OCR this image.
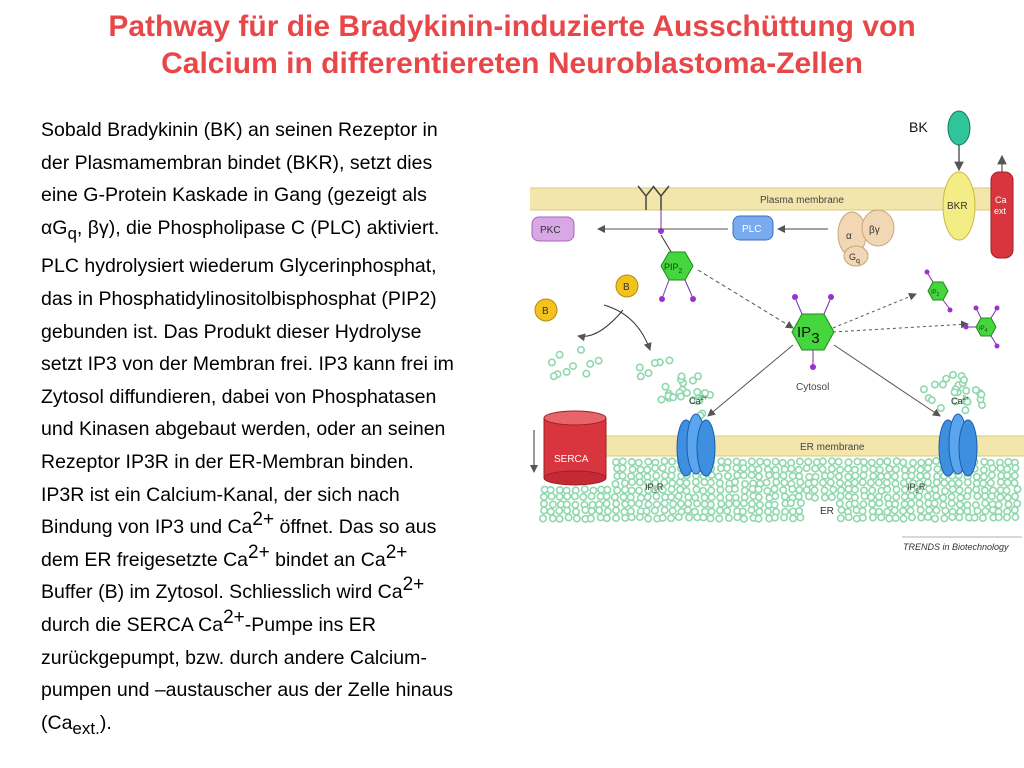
Pathway für die Bradykinin-induzierte Ausschüttung von
Calcium in differentiereten Neuroblastoma-Zellen

Sobald Bradykinin (BK) an seinen Rezeptor in

der Plasmamembran bindet (BKR), setzt dies

eine G-Protein Kaskade in Gang (gezeigt als

αGq, βγ), die Phospholipase C (PLC) aktiviert.

PLC hydrolysiert wiederum Glycerinphosphat,

das in Phosphatidylinositolbisphosphat (PIP2)

gebunden ist. Das Produkt dieser Hydrolyse

setzt IP3 von der Membran frei. IP3 kann frei im

Zytosol diffundieren, dabei von Phosphatasen

und Kinasen abgebaut werden, oder an seinen

Rezeptor IP3R in der ER-Membran binden.

IP3R ist ein Calcium-Kanal, der sich nach

Bindung von IP3 und Ca2+ öffnet. Das so aus

dem ER freigesetzte Ca2+ bindet an Ca2+

Buffer (B) im Zytosol. Schliesslich wird Ca2+

durch die SERCA Ca2+-Pumpe ins ER

zurückgepumpt, bzw. durch andere Calcium-

pumpen und –austauscher aus der Zelle hinaus

(Caext.).

Plasma membrane
ER membrane
BK
BKR
Ca
ext
α
βγ
$G_q$
PLC
PKC
$PIP_2$
B
B
$IP_2$
$IP_4$
IP3
Cytosol
$Ca^{2+}$	$Ca^{2+}$
$IP_3R$	$IP_3R$
SERCA
ER
TRENDS in Biotechnology
